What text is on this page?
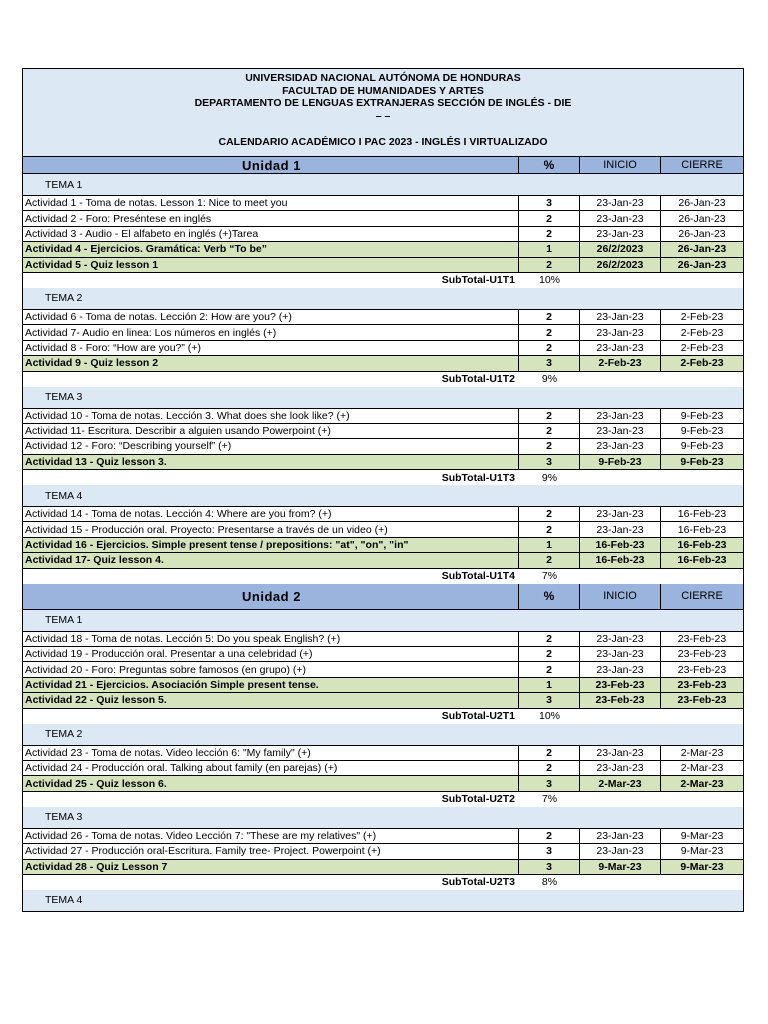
UNIVERSIDAD NACIONAL AUTÓNOMA DE HONDURAS
FACULTAD DE HUMANIDADES Y ARTES
DEPARTAMENTO DE LENGUAS EXTRANJERAS SECCIÓN DE INGLÉS - DIE
– –
CALENDARIO ACADÉMICO I PAC 2023 - INGLÉS I VIRTUALIZADO
Unidad 1	%	INICIO	CIERRE
TEMA 1
Actividad 1 - Toma de notas. Lesson 1: Nice to meet you	3	23-Jan-23	26-Jan-23
Actividad 2 - Foro: Preséntese en inglés	2	23-Jan-23	26-Jan-23
Actividad 3 - Audio - El alfabeto en inglés (+)Tarea	2	23-Jan-23	26-Jan-23
Actividad 4 - Ejercicios. Gramática: Verb “To be”	1	26/2/2023	26-Jan-23
Actividad 5 - Quiz lesson 1	2	26/2/2023	26-Jan-23
SubTotal-U1T1	10%
TEMA 2
Actividad 6 - Toma de notas. Lección 2: How are you? (+)	2	23-Jan-23	2-Feb-23
Actividad 7- Audio en linea: Los números en inglés (+)	2	23-Jan-23	2-Feb-23
Actividad 8 - Foro: “How are you?” (+)	2	23-Jan-23	2-Feb-23
Actividad 9 - Quiz lesson 2	3	2-Feb-23	2-Feb-23
SubTotal-U1T2	9%
TEMA 3
Actividad 10 - Toma de notas. Lección 3. What does she look like? (+)	2	23-Jan-23	9-Feb-23
Actividad 11- Escritura. Describir a alguien usando Powerpoint (+)	2	23-Jan-23	9-Feb-23
Actividad 12 - Foro: “Describing yourself” (+)	2	23-Jan-23	9-Feb-23
Actividad 13 - Quiz lesson 3.	3	9-Feb-23	9-Feb-23
SubTotal-U1T3	9%
TEMA 4
Actividad 14 - Toma de notas. Lección 4: Where are you from? (+)	2	23-Jan-23	16-Feb-23
Actividad 15 - Producción oral. Proyecto: Presentarse a través de un video (+)	2	23-Jan-23	16-Feb-23
Actividad 16 - Ejercicios. Simple present tense / prepositions: "at", "on", "in"	1	16-Feb-23	16-Feb-23
Actividad 17- Quiz lesson 4.	2	16-Feb-23	16-Feb-23
SubTotal-U1T4	7%
Unidad 2	%	INICIO	CIERRE
TEMA 1
Actividad 18 - Toma de notas. Lección 5: Do you speak English? (+)	2	23-Jan-23	23-Feb-23
Actividad 19 - Producción oral. Presentar a una celebridad (+)	2	23-Jan-23	23-Feb-23
Actividad 20 - Foro: Preguntas sobre famosos (en grupo) (+)	2	23-Jan-23	23-Feb-23
Actividad 21 - Ejercicios. Asociación Simple present tense.	1	23-Feb-23	23-Feb-23
Actividad 22 - Quiz lesson 5.	3	23-Feb-23	23-Feb-23
SubTotal-U2T1	10%
TEMA 2
Actividad 23 - Toma de notas. Video lección 6: "My family" (+)	2	23-Jan-23	2-Mar-23
Actividad 24 - Producción oral. Talking about family (en parejas) (+)	2	23-Jan-23	2-Mar-23
Actividad 25 - Quiz lesson 6.	3	2-Mar-23	2-Mar-23
SubTotal-U2T2	7%
TEMA 3
Actividad 26 - Toma de notas. Video Lección 7: "These are my relatives" (+)	2	23-Jan-23	9-Mar-23
Actividad 27 - Producción oral-Escritura. Family tree- Project. Powerpoint (+)	3	23-Jan-23	9-Mar-23
Actividad 28 - Quiz Lesson 7	3	9-Mar-23	9-Mar-23
SubTotal-U2T3	8%
TEMA 4
